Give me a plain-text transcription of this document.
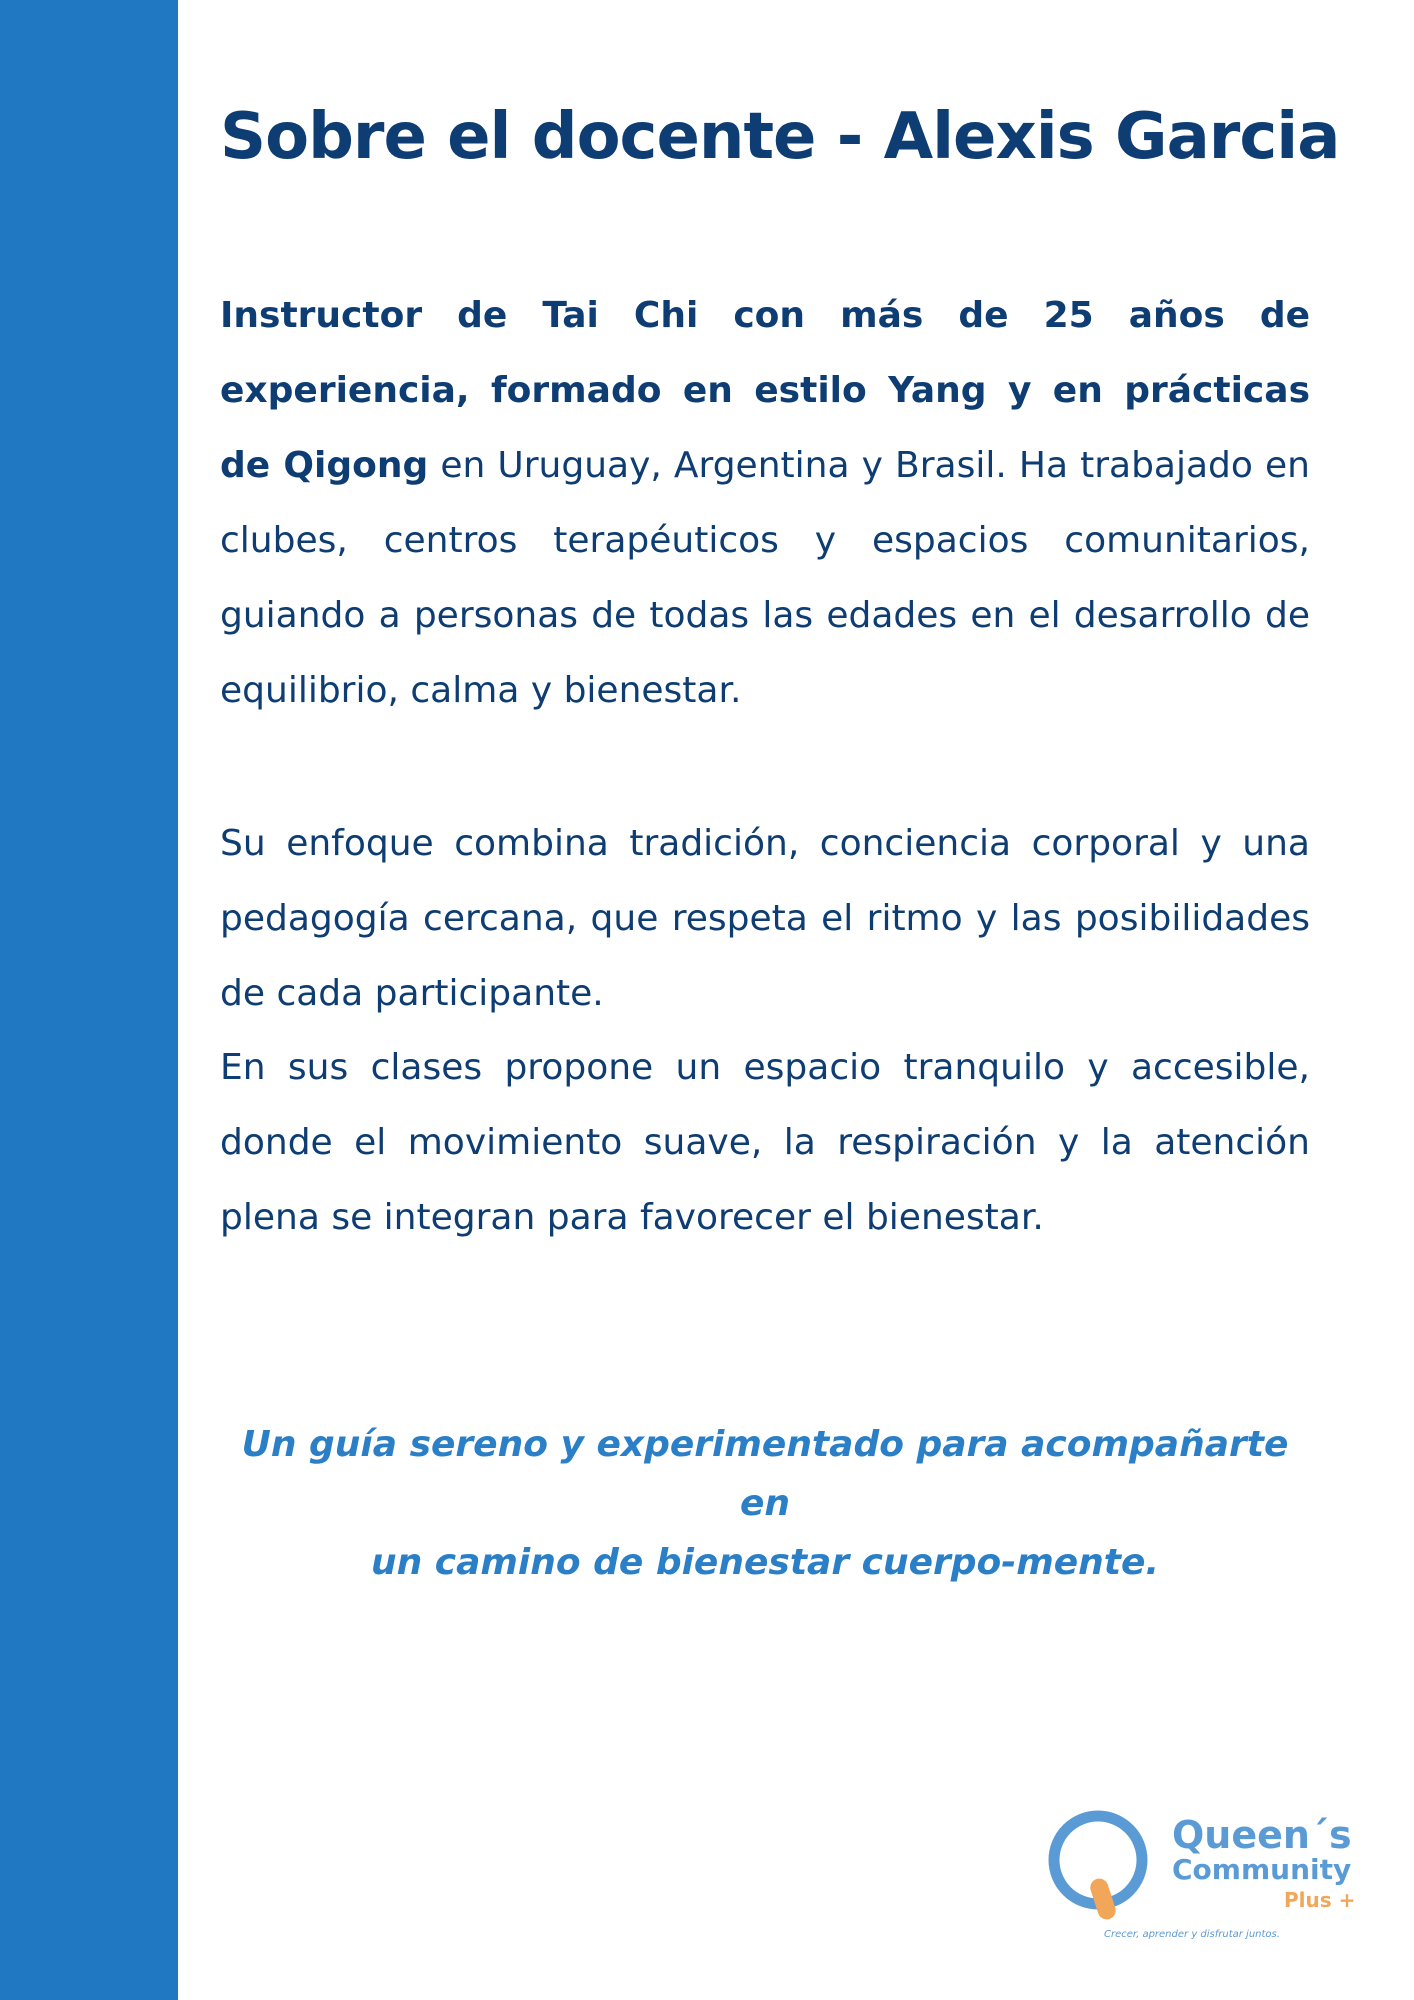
Sobre el docente - Alexis Garcia

Instructor de Tai Chi con más de 25 años de experiencia, formado en estilo Yang y en prácticas de Qigong en Uruguay, Argentina y Brasil. Ha trabajado en clubes, centros terapéuticos y espacios comunitarios, guiando a personas de todas las edades en el desarrollo de equilibrio, calma y bienestar.

Su enfoque combina tradición, conciencia corporal y una pedagogía cercana, que respeta el ritmo y las posibilidades de cada participante.

En sus clases propone un espacio tranquilo y accesible, donde el movimiento suave, la respiración y la atención plena se integran para favorecer el bienestar.

Un guía sereno y experimentado para acompañarte en
un camino de bienestar cuerpo-mente.

Queen´s
Community
Plus +
Crecer, aprender y disfrutar juntos.
